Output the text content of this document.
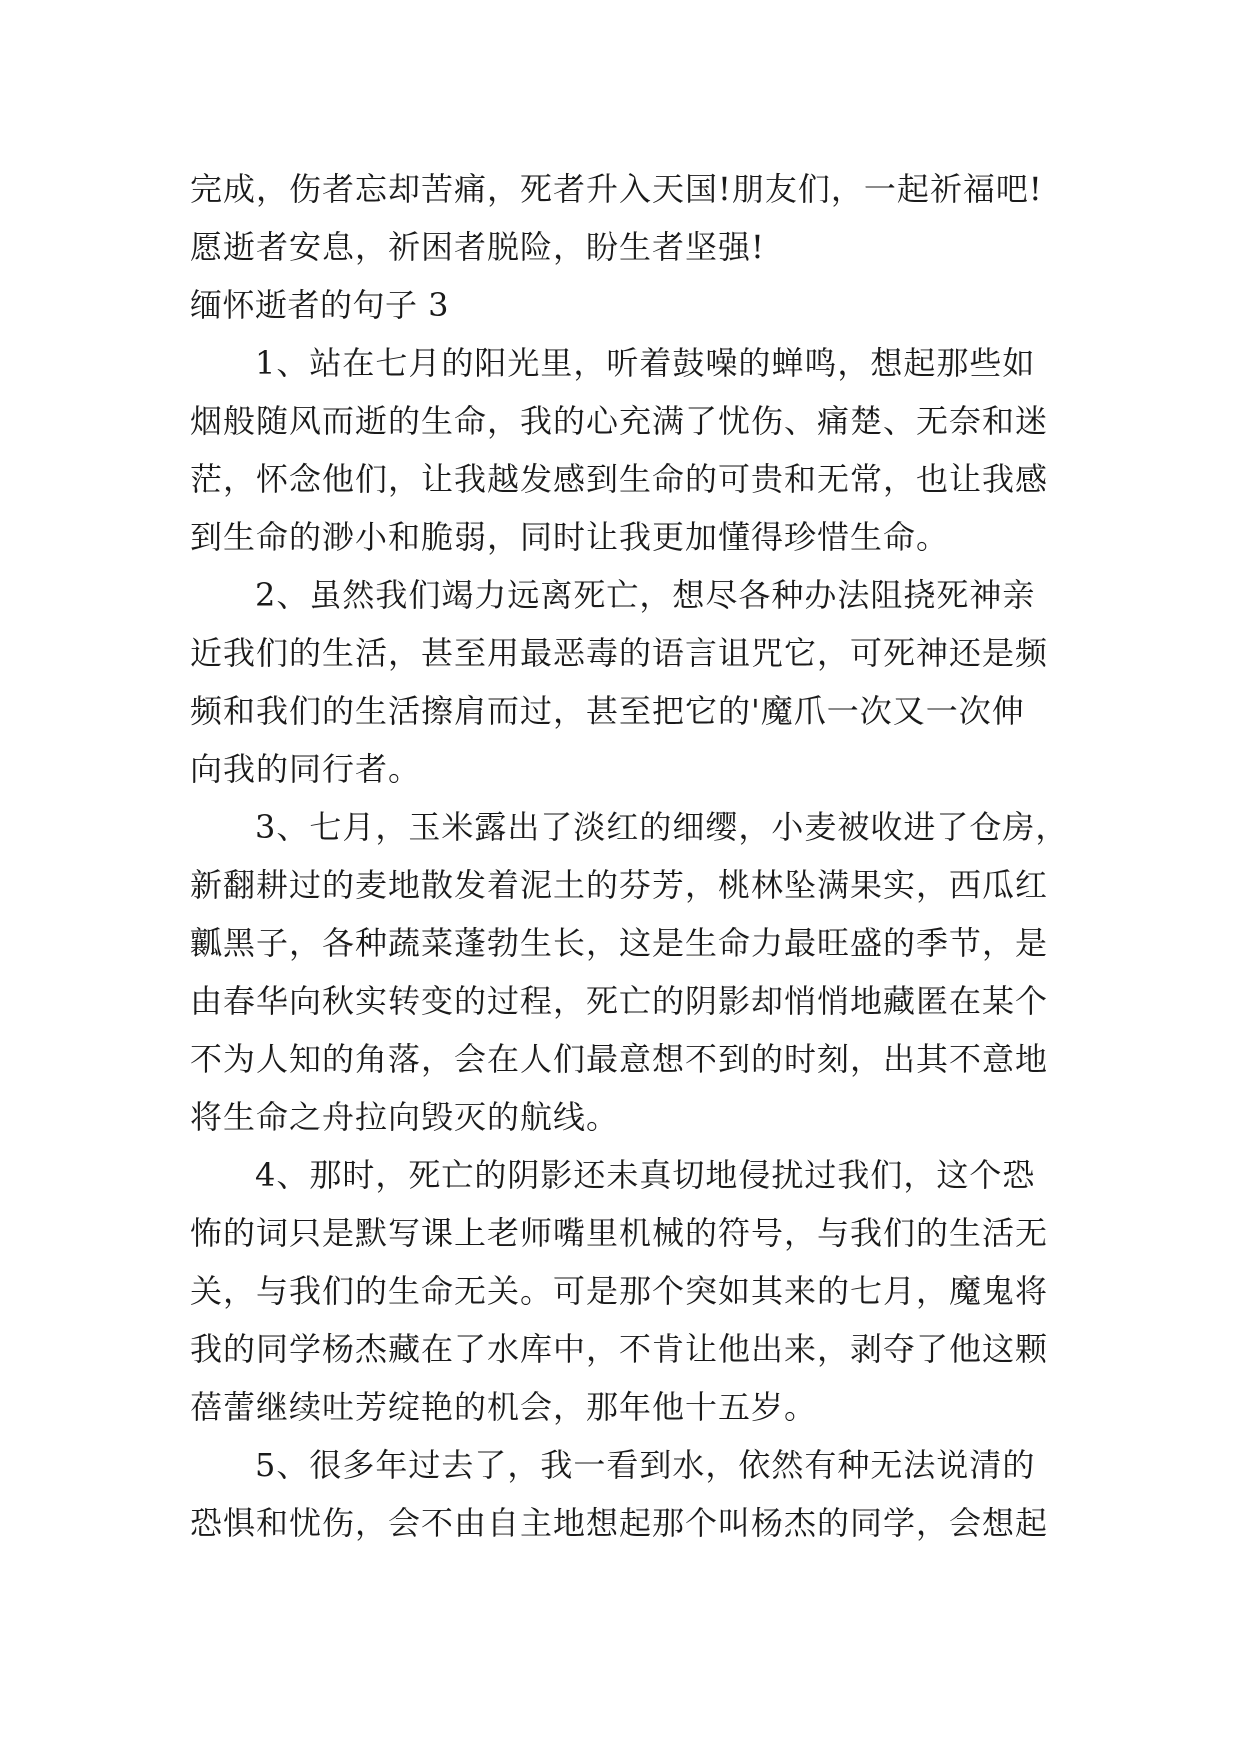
完成，伤者忘却苦痛，死者升入天国!朋友们，一起祈福吧!

愿逝者安息，祈困者脱险，盼生者坚强!

缅怀逝者的句子 3

1、站在七月的阳光里，听着鼓噪的蝉鸣，想起那些如

烟般随风而逝的生命，我的心充满了忧伤、痛楚、无奈和迷

茫，怀念他们，让我越发感到生命的可贵和无常，也让我感

到生命的渺小和脆弱，同时让我更加懂得珍惜生命。

2、虽然我们竭力远离死亡，想尽各种办法阻挠死神亲

近我们的生活，甚至用最恶毒的语言诅咒它，可死神还是频

频和我们的生活擦肩而过，甚至把它的'魔爪一次又一次伸

向我的同行者。

3、七月，玉米露出了淡红的细缨，小麦被收进了仓房，

新翻耕过的麦地散发着泥土的芬芳，桃林坠满果实，西瓜红

瓤黑子，各种蔬菜蓬勃生长，这是生命力最旺盛的季节，是

由春华向秋实转变的过程，死亡的阴影却悄悄地藏匿在某个

不为人知的角落，会在人们最意想不到的时刻，出其不意地

将生命之舟拉向毁灭的航线。

4、那时，死亡的阴影还未真切地侵扰过我们，这个恐

怖的词只是默写课上老师嘴里机械的符号，与我们的生活无

关，与我们的生命无关。可是那个突如其来的七月，魔鬼将

我的同学杨杰藏在了水库中，不肯让他出来，剥夺了他这颗

蓓蕾继续吐芳绽艳的机会，那年他十五岁。

5、很多年过去了，我一看到水，依然有种无法说清的

恐惧和忧伤，会不由自主地想起那个叫杨杰的同学，会想起
